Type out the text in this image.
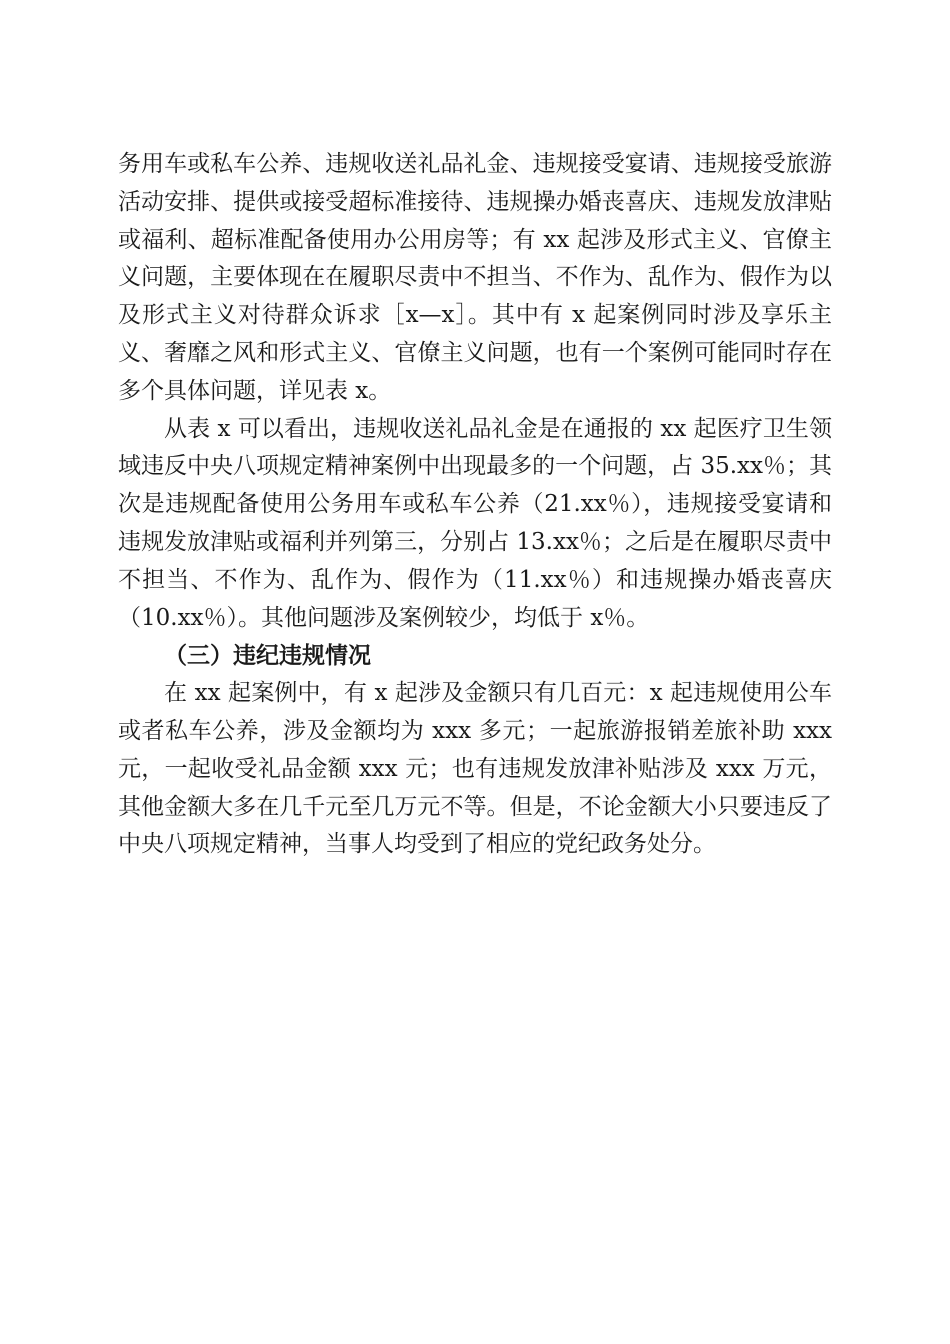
务用车或私车公养、违规收送礼品礼金、违规接受宴请、违规接受旅游活动安排、提供或接受超标准接待、违规操办婚丧喜庆、违规发放津贴或福利、超标准配备使用办公用房等；有 xx 起涉及形式主义、官僚主义问题，主要体现在在履职尽责中不担当、不作为、乱作为、假作为以及形式主义对待群众诉求［x—x］。其中有 x 起案例同时涉及享乐主义、奢靡之风和形式主义、官僚主义问题，也有一个案例可能同时存在多个具体问题，详见表 x。

从表 x 可以看出，违规收送礼品礼金是在通报的 xx 起医疗卫生领域违反中央八项规定精神案例中出现最多的一个问题，占 35.xx％；其次是违规配备使用公务用车或私车公养（21.xx％），违规接受宴请和违规发放津贴或福利并列第三，分别占 13.xx％；之后是在履职尽责中不担当、不作为、乱作为、假作为（11.xx％）和违规操办婚丧喜庆（10.xx％）。其他问题涉及案例较少，均低于 x％。

（三）违纪违规情况

在 xx 起案例中，有 x 起涉及金额只有几百元：x 起违规使用公车或者私车公养，涉及金额均为 xxx 多元；一起旅游报销差旅补助 xxx 元，一起收受礼品金额 xxx 元；也有违规发放津补贴涉及 xxx 万元，其他金额大多在几千元至几万元不等。但是，不论金额大小只要违反了中央八项规定精神，当事人均受到了相应的党纪政务处分。
